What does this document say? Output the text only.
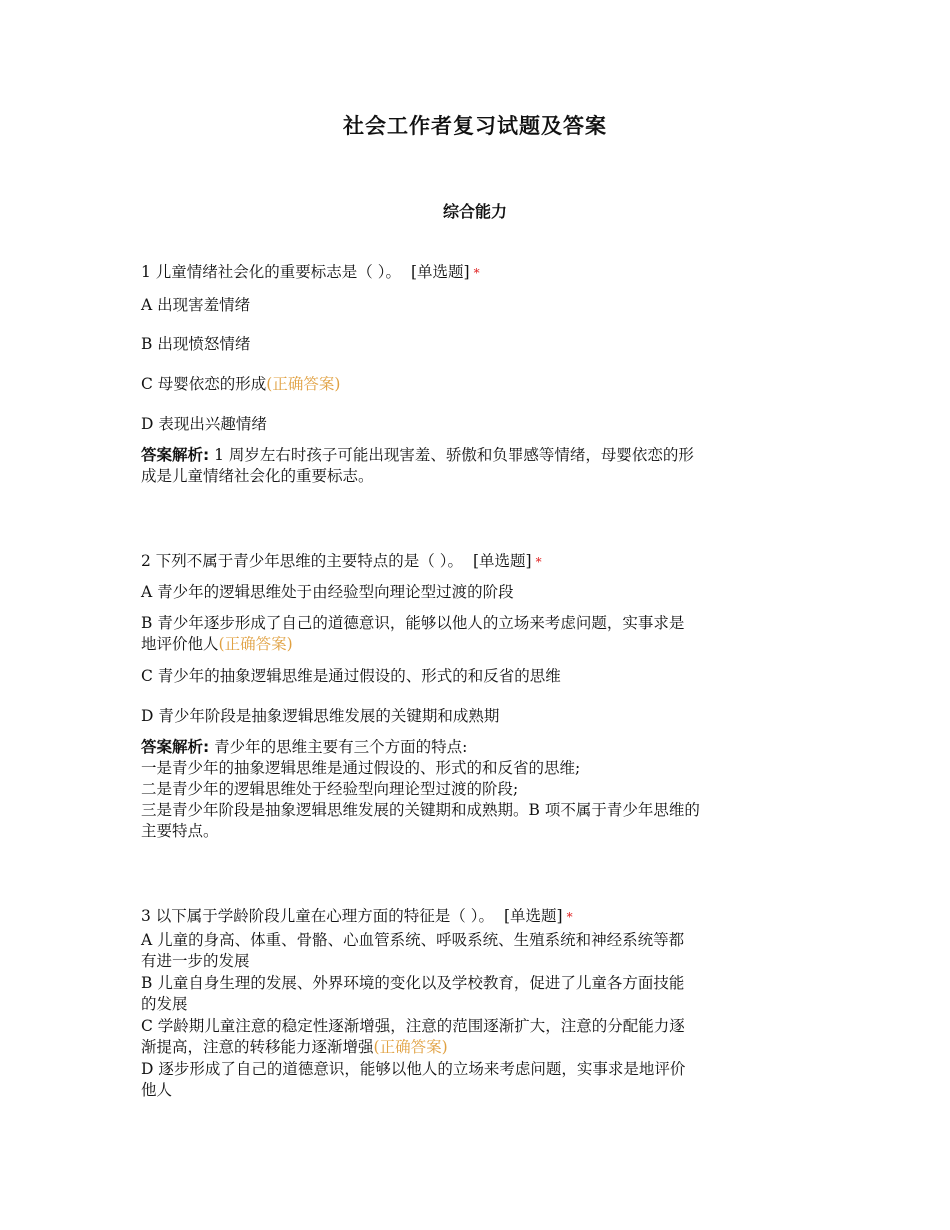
社会工作者复习试题及答案
综合能力
1 儿童情绪社会化的重要标志是（ ）。 [单选题] *
A 出现害羞情绪
B 出现愤怒情绪
C 母婴依恋的形成(正确答案)
D 表现出兴趣情绪
答案解析: 1 周岁左右时孩子可能出现害羞、骄傲和负罪感等情绪，母婴依恋的形
成是儿童情绪社会化的重要标志。
2 下列不属于青少年思维的主要特点的是（ ）。 [单选题] *
A 青少年的逻辑思维处于由经验型向理论型过渡的阶段
B 青少年逐步形成了自己的道德意识，能够以他人的立场来考虑问题，实事求是
地评价他人(正确答案)
C 青少年的抽象逻辑思维是通过假设的、形式的和反省的思维
D 青少年阶段是抽象逻辑思维发展的关键期和成熟期
答案解析: 青少年的思维主要有三个方面的特点:
一是青少年的抽象逻辑思维是通过假设的、形式的和反省的思维;
二是青少年的逻辑思维处于经验型向理论型过渡的阶段;
三是青少年阶段是抽象逻辑思维发展的关键期和成熟期。B 项不属于青少年思维的
主要特点。
3 以下属于学龄阶段儿童在心理方面的特征是（ ）。 [单选题] *
A 儿童的身高、体重、骨骼、心血管系统、呼吸系统、生殖系统和神经系统等都
有进一步的发展
B 儿童自身生理的发展、外界环境的变化以及学校教育，促进了儿童各方面技能
的发展
C 学龄期儿童注意的稳定性逐渐增强，注意的范围逐渐扩大，注意的分配能力逐
渐提高，注意的转移能力逐渐增强(正确答案)
D 逐步形成了自己的道德意识，能够以他人的立场来考虑问题，实事求是地评价
他人
